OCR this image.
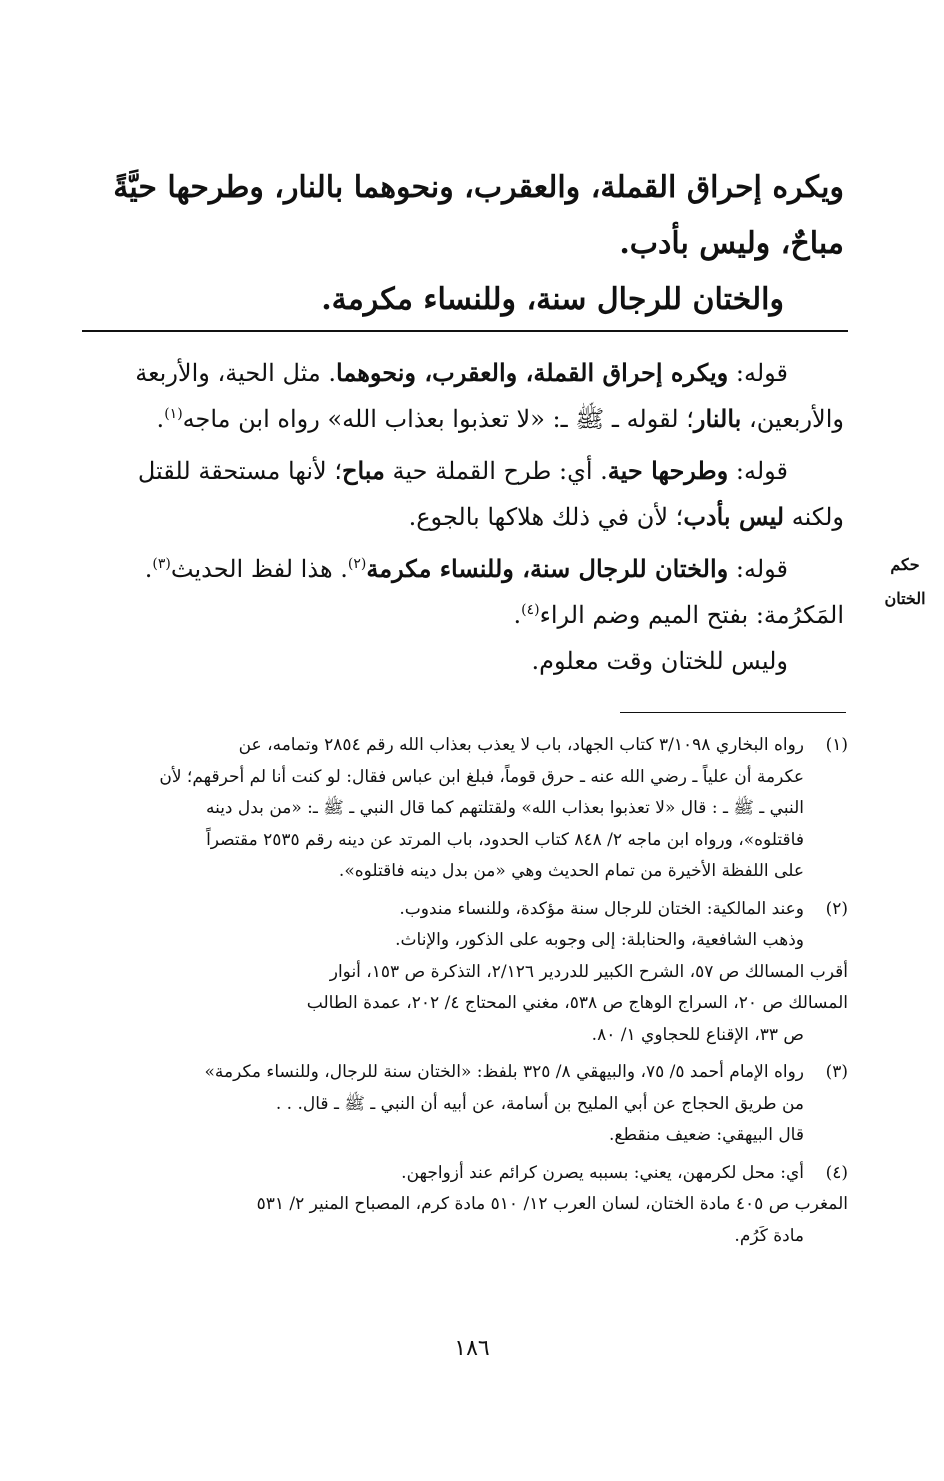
ويكره إحراق القملة، والعقرب، ونحوهما بالنار، وطرحها حيَّةً

مباحٌ، وليس بأدب.

والختان للرجال سنة، وللنساء مكرمة.

قوله: ويكره إحراق القملة، والعقرب، ونحوهما. مثل الحية، والأربعة

والأربعين، بالنار؛ لقوله ـ ﷺ ـ: «لا تعذبوا بعذاب الله» رواه ابن ماجه$^{(١)}$.

قوله: وطرحها حية. أي: طرح القملة حية مباح؛ لأنها مستحقة للقتل

ولكنه ليس بأدب؛ لأن في ذلك هلاكها بالجوع.

قوله: والختان للرجال سنة، وللنساء مكرمة$^{(٢)}$. هذا لفظ الحديث$^{(٣)}$.

المَكرُمة: بفتح الميم وضم الراء$^{(٤)}$.

وليس للختان وقت معلوم.

حكم
الختان

(١)
رواه البخاري ٣/١٠٩٨ كتاب الجهاد، باب لا يعذب بعذاب الله رقم ٢٨٥٤ وتمامه، عن

عكرمة أن علياً ـ رضي الله عنه ـ حرق قوماً، فبلغ ابن عباس فقال: لو كنت أنا لم أحرقهم؛ لأن

النبي ـ ﷺ ـ : قال «لا تعذبوا بعذاب الله» ولقتلتهم كما قال النبي ـ ﷺ ـ: «من بدل دينه

فاقتلوه»، ورواه ابن ماجه ٢/ ٨٤٨ كتاب الحدود، باب المرتد عن دينه رقم ٢٥٣٥ مقتصراً

على اللفظة الأخيرة من تمام الحديث وهي «من بدل دينه فاقتلوه».

(٢)
وعند المالكية: الختان للرجال سنة مؤكدة، وللنساء مندوب.

وذهب الشافعية، والحنابلة: إلى وجوبه على الذكور، والإناث.

أقرب المسالك ص ٥٧، الشرح الكبير للدردير ٢/١٢٦، التذكرة ص ١٥٣، أنوار

المسالك ص ٢٠، السراج الوهاج ص ٥٣٨، مغني المحتاج ٤/ ٢٠٢، عمدة الطالب

ص ٣٣، الإقناع للحجاوي ١/ ٨٠.

(٣)
رواه الإمام أحمد ٥/ ٧٥، والبيهقي ٨/ ٣٢٥ بلفظ: «الختان سنة للرجال، وللنساء مكرمة»

من طريق الحجاج عن أبي المليح بن أسامة، عن أبيه أن النبي ـ ﷺ ـ قال. . .

قال البيهقي: ضعيف منقطع.

(٤)
أي: محل لكرمهن، يعني: بسببه يصرن كرائم عند أزواجهن.

المغرب ص ٤٠٥ مادة الختان، لسان العرب ١٢/ ٥١٠ مادة كرم، المصباح المنير ٢/ ٥٣١

مادة كَرُم.

١٨٦
